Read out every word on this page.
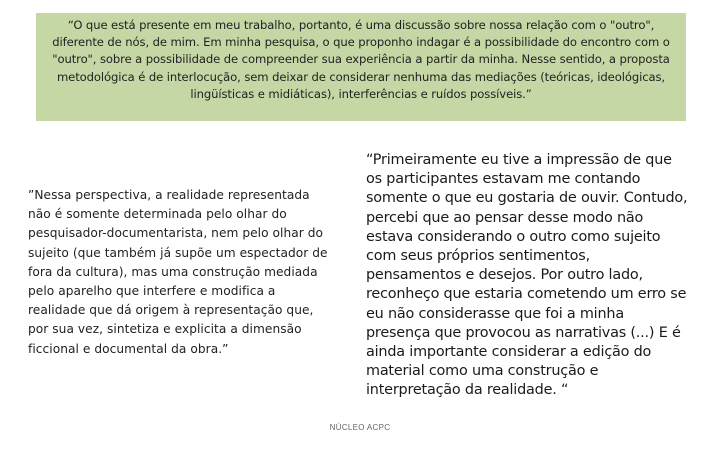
“O que está presente em meu trabalho, portanto, é uma discussão sobre nossa relação com o "outro", diferente de nós, de mim. Em minha pesquisa, o que proponho indagar é a possibilidade do encontro com o "outro", sobre a possibilidade de compreender sua experiência a partir da minha. Nesse sentido, a proposta metodológica é de interlocução, sem deixar de considerar nenhuma das mediações (teóricas, ideológicas, lingüísticas e midiáticas), interferências e ruídos possíveis.”
”Nessa perspectiva, a realidade representada não é somente determinada pelo olhar do pesquisador-documentarista, nem pelo olhar do sujeito (que também já supõe um espectador de fora da cultura), mas uma construção mediada pelo aparelho que interfere e modifica a realidade que dá origem à representação que, por sua vez, sintetiza e explicita a dimensão ficcional e documental da obra.”
“Primeiramente eu tive a impressão de que os participantes estavam me contando somente o que eu gostaria de ouvir. Contudo, percebi que ao pensar desse modo não estava considerando o outro como sujeito com seus próprios sentimentos, pensamentos e desejos. Por outro lado, reconheço que estaria cometendo um erro se eu não considerasse que foi a minha presença que provocou as narrativas (...) E é ainda importante considerar a edição do material como uma construção e interpretação da realidade. “
NÚCLEO ACPC
